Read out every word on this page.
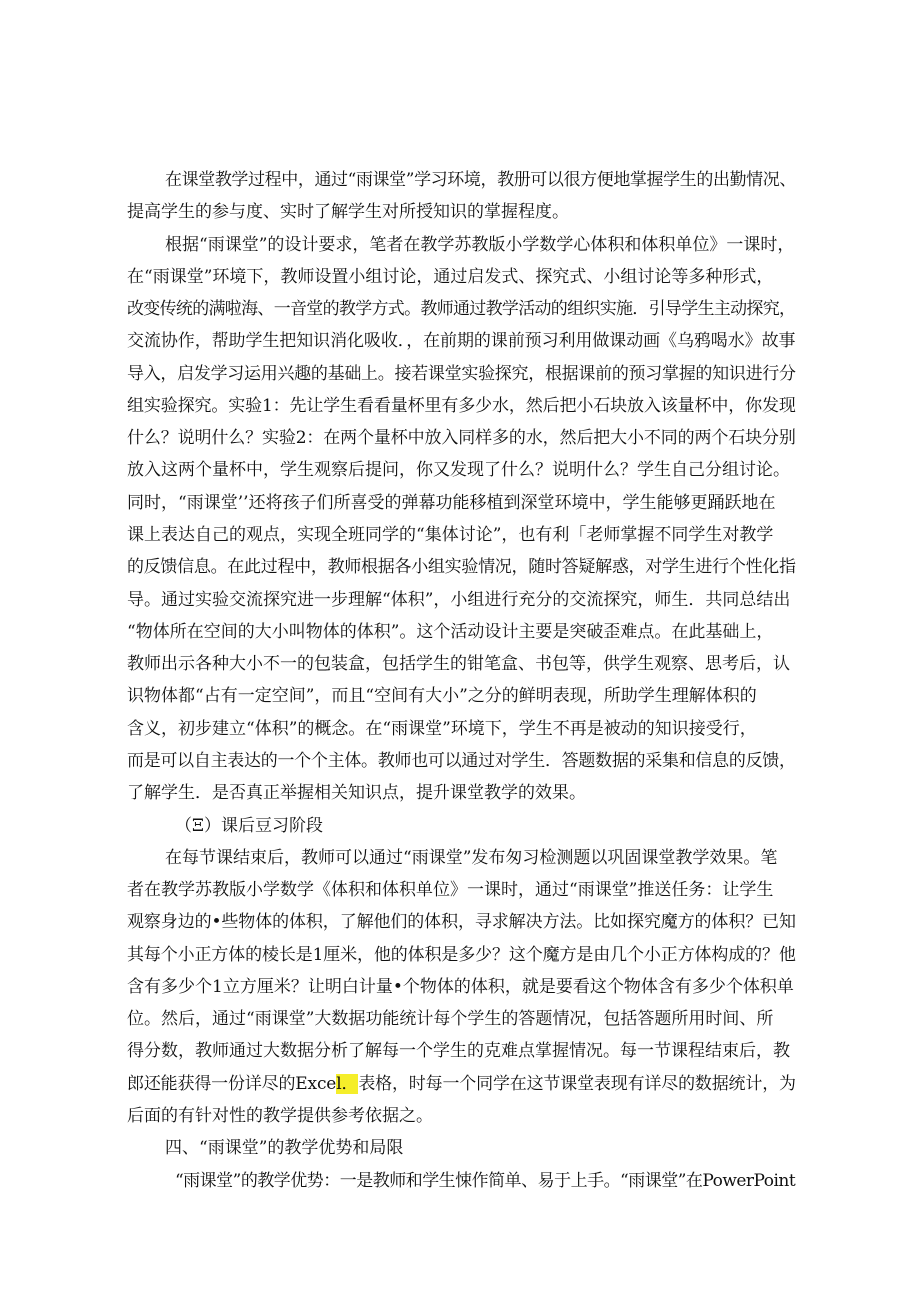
在课堂教学过程中，通过“雨课堂”学习环境，教册可以很方便地掌握学生的出勤情况、
提高学生的参与度、实时了解学生对所授知识的掌握程度。
根据“雨课堂”的设计要求，笔者在教学苏教版小学数学心体积和体积单位》一课时，
在“雨课堂”环境下，教师设置小组讨论，通过启发式、探究式、小组讨论等多种形式，
改变传统的满啦海、一音堂的教学方式。教师通过教学活动的组织实施．引导学生主动探究，
交流协作，帮助学生把知识消化吸收．，在前期的课前预习利用做课动画《乌鸦喝水》故事
导入，启发学习运用兴趣的基础上。接若课堂实验探究，根据课前的预习掌握的知识进行分
组实验探究。实验1：先让学生看看量杯里有多少水，然后把小石块放入该量杯中，你发现
什么？说明什么？实验2：在两个量杯中放入同样多的水，然后把大小不同的两个石块分别
放入这两个量杯中，学生观察后提问，你又发现了什么？说明什么？学生自己分组讨论。
同时，“雨课堂’’还将孩子们所喜受的弹幕功能移植到深堂环境中，学生能够更踊跃地在
课上表达自己的观点，实现全班同学的“集体讨论”，也有利「老师掌握不同学生对教学
的反馈信息。在此过程中，教师根据各小组实验情况，随时答疑解惑，对学生进行个性化指
导。通过实验交流探究进一步理解“体积”，小组进行充分的交流探究，师生．共同总结出
“物体所在空间的大小叫物体的体积”。这个活动设计主要是突破歪难点。在此基础上，
教师出示各种大小不一的包装盒，包括学生的钳笔盒、书包等，供学生观察、思考后，认
识物体都“占有一定空间”，而且“空间有大小”之分的鲜明表现，所助学生理解体积的
含义，初步建立“体积”的概念。在“雨课堂”环境下，学生不再是被动的知识接受行，
而是可以自主表达的一个个主体。教师也可以通过对学生．答题数据的采集和信息的反馈，
了解学生．是否真正举握相关知识点，提升课堂教学的效果。
（Ξ）课后豆习阶段
在每节课结束后，教师可以通过“雨课堂”发布匆习检测题以巩固课堂教学效果。笔
者在教学苏教版小学数学《体积和体积单位》一课时，通过“雨课堂”推送任务：让学生
观察身边的•些物体的体积，了解他们的体积，寻求解决方法。比如探究魔方的体积？已知
其每个小正方体的棱长是1厘米，他的体积是多少？这个魔方是由几个小正方体构成的？他
含有多少个1立方厘米？让明白计量•个物体的体积，就是要看这个物体含有多少个体积单
位。然后，通过“雨课堂”大数据功能统计每个学生的答题情况，包括答题所用时间、所
得分数，教师通过大数据分析了解每一个学生的克难点掌握情况。每一节课程结束后，教
郎还能获得一份详尽的Excel．表格，时每一个同学在这节课堂表现有详尽的数据统计，为
后面的有针对性的教学提供参考依据之。
四、“雨课堂”的教学优势和局限
“雨课堂”的教学优势：一是教师和学生悚作简单、易于上手。“雨课堂”在PowerPoint
